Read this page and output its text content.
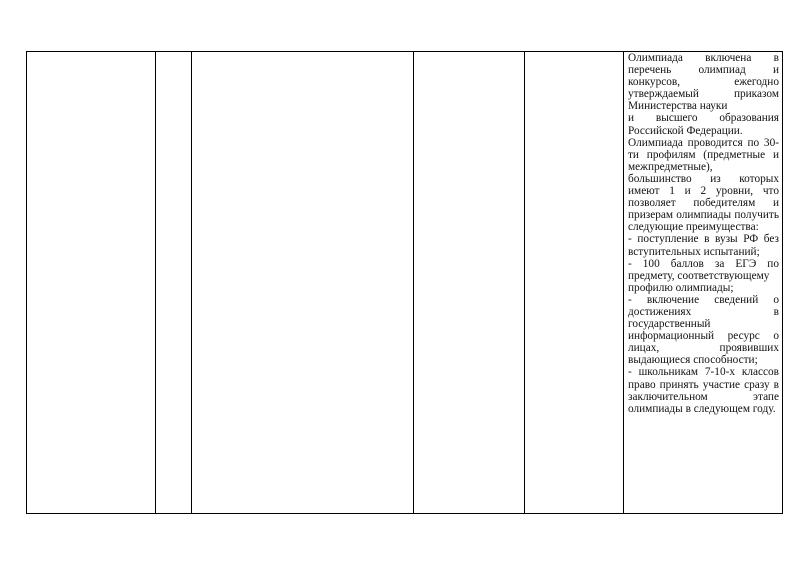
Олимпиада включена в перечень олимпиад и конкурсов, ежегодно утверждаемый приказом Министерства науки

и высшего образования Российской Федерации.

Олимпиада проводится по 30-ти профилям (предметные и межпредметные), большинство из которых имеют 1 и 2 уровни, что позволяет победителям и призерам олимпиады получить следующие преимущества:

- поступление в вузы РФ без вступительных испытаний;

- 100 баллов за ЕГЭ по предмету, соответствующему

профилю олимпиады;

- включение сведений о достижениях в государственный информационный ресурс о лицах, проявивших выдающиеся способности;

- школьникам 7-10-х классов право принять участие сразу в заключительном этапе олимпиады в следующем году.
